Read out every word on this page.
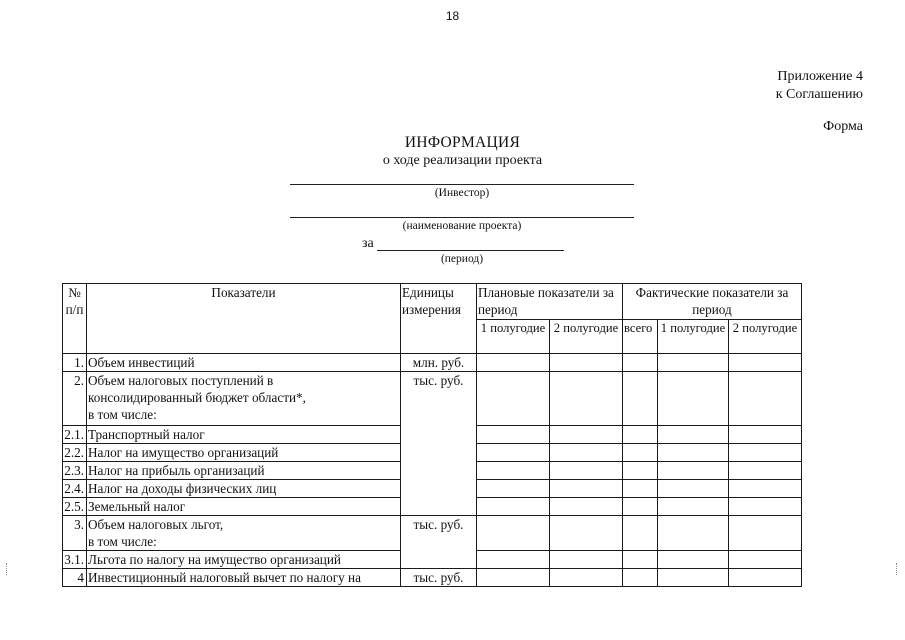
18
Приложение 4
к Соглашению
Форма
ИНФОРМАЦИЯ
о ходе реализации проекта
(Инвестор)
(наименование проекта)
за
(период)
№ п/п	Показатели	Единицы измерения	Плановые показатели за период		Фактические показатели за период		
			1 полугодие	2 полугодие	всего	1 полугодие	2 полугодие
1.	Объем инвестиций	млн. руб.					
2.	Объем налоговых поступлений в
консолидированный бюджет области*,
в том числе:	тыс. руб.					
2.1.	Транспортный налог						
2.2.	Налог на имущество организаций						
2.3.	Налог на прибыль организаций						
2.4.	Налог на доходы физических лиц						
2.5.	Земельный налог						
3.	Объем налоговых льгот,
в том числе:	тыс. руб.					
3.1.	Льгота по налогу на имущество организаций						
4	Инвестиционный налоговый вычет по налогу на	тыс. руб.					
